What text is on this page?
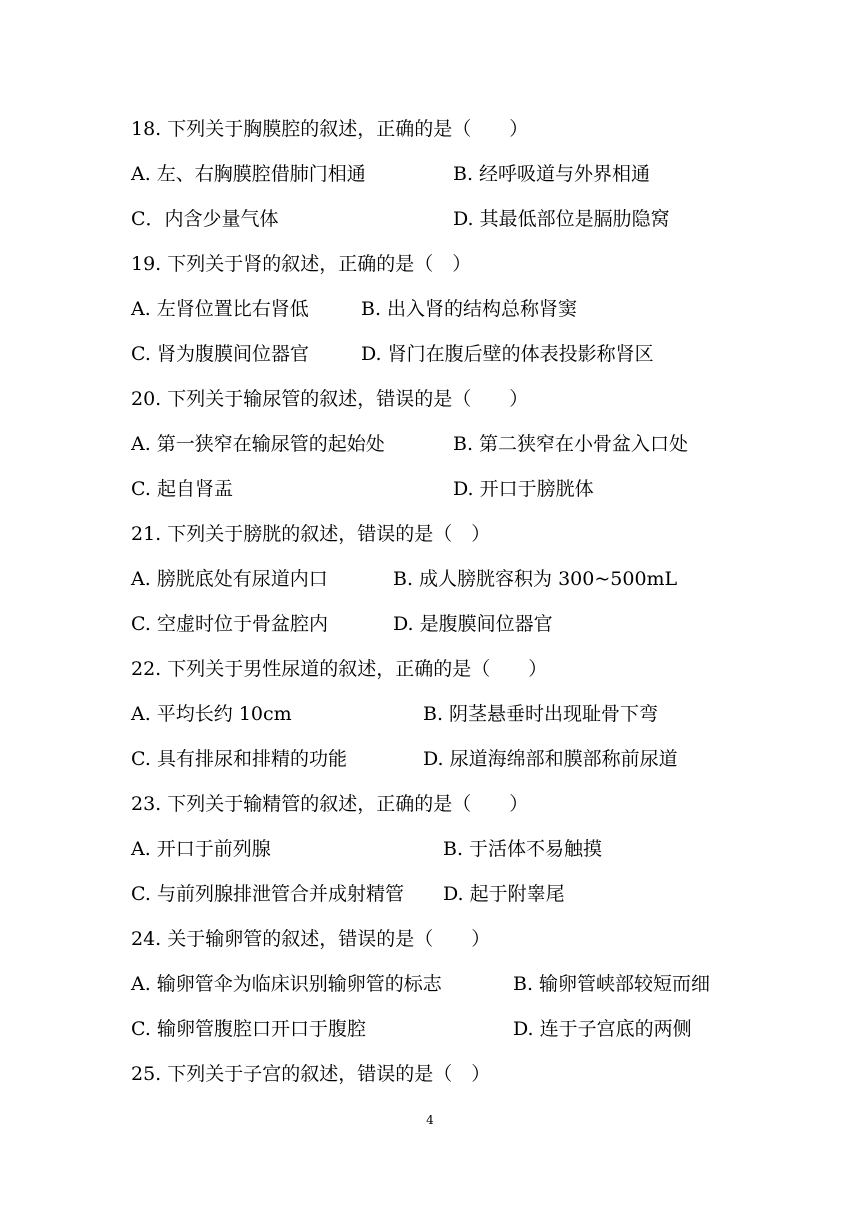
18. 下列关于胸膜腔的叙述，正确的是（　　）
A. 左、右胸膜腔借肺门相通	B. 经呼吸道与外界相通
C．内含少量气体	D. 其最低部位是膈肋隐窝
19. 下列关于肾的叙述，正确的是（　）
A. 左肾位置比右肾低	B. 出入肾的结构总称肾窦
C. 肾为腹膜间位器官	D. 肾门在腹后壁的体表投影称肾区
20. 下列关于输尿管的叙述，错误的是（　　）
A. 第一狭窄在输尿管的起始处	B. 第二狭窄在小骨盆入口处
C. 起自肾盂	D. 开口于膀胱体
21. 下列关于膀胱的叙述，错误的是（　）
A. 膀胱底处有尿道内口	B. 成人膀胱容积为 300~500mL
C. 空虚时位于骨盆腔内	D. 是腹膜间位器官
22. 下列关于男性尿道的叙述，正确的是（　　）
A. 平均长约 10cm	B. 阴茎悬垂时出现耻骨下弯
C. 具有排尿和排精的功能	D. 尿道海绵部和膜部称前尿道
23. 下列关于输精管的叙述，正确的是（　　）
A. 开口于前列腺	B. 于活体不易触摸
C. 与前列腺排泄管合并成射精管 D. 起于附睾尾
24. 关于输卵管的叙述，错误的是（　　）
A. 输卵管伞为临床识别输卵管的标志	B. 输卵管峡部较短而细
C. 输卵管腹腔口开口于腹腔	D. 连于子宫底的两侧
25. 下列关于子宫的叙述，错误的是（　）
4
